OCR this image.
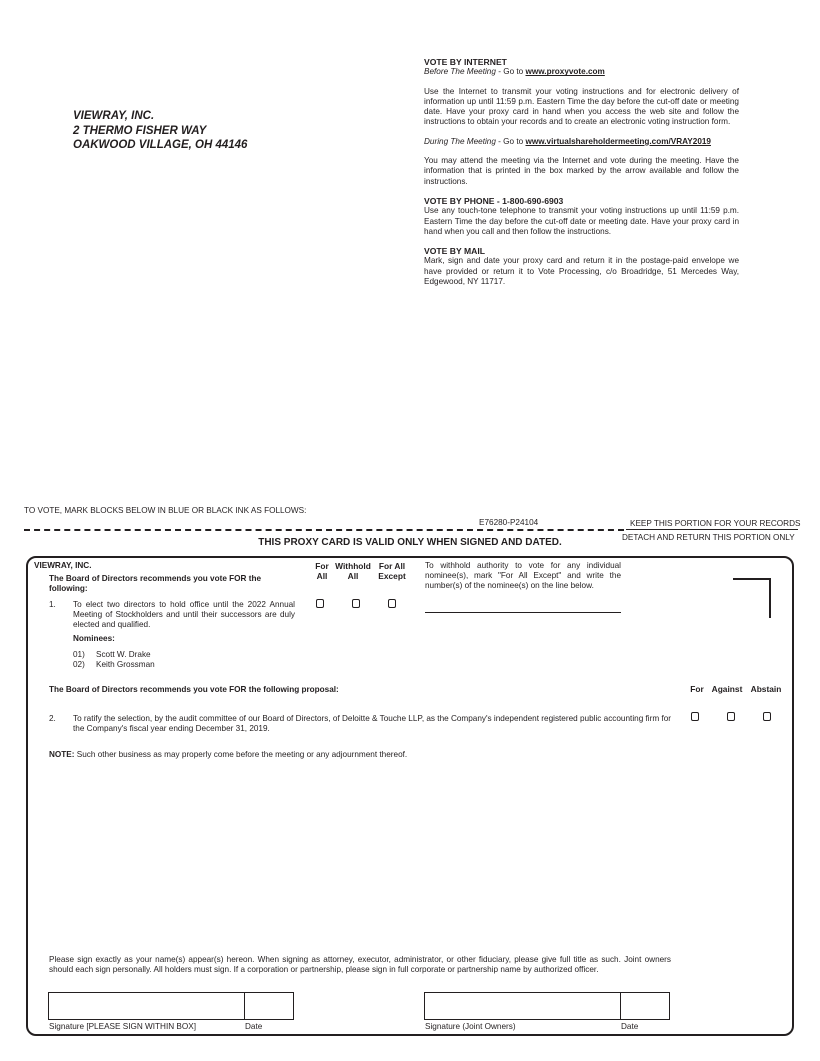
VIEWRAY, INC.
2 THERMO FISHER WAY
OAKWOOD VILLAGE, OH 44146
VOTE BY INTERNET
Before The Meeting - Go to www.proxyvote.com

Use the Internet to transmit your voting instructions and for electronic delivery of information up until 11:59 p.m. Eastern Time the day before the cut-off date or meeting date. Have your proxy card in hand when you access the web site and follow the instructions to obtain your records and to create an electronic voting instruction form.

During The Meeting - Go to www.virtualshareholdermeeting.com/VRAY2019

You may attend the meeting via the Internet and vote during the meeting. Have the information that is printed in the box marked by the arrow available and follow the instructions.

VOTE BY PHONE - 1-800-690-6903

Use any touch-tone telephone to transmit your voting instructions up until 11:59 p.m. Eastern Time the day before the cut-off date or meeting date. Have your proxy card in hand when you call and then follow the instructions.

VOTE BY MAIL

Mark, sign and date your proxy card and return it in the postage-paid envelope we have provided or return it to Vote Processing, c/o Broadridge, 51 Mercedes Way, Edgewood, NY 11717.

TO VOTE, MARK BLOCKS BELOW IN BLUE OR BLACK INK AS FOLLOWS:
E76280-P24104	KEEP THIS PORTION FOR YOUR RECORDS
DETACH AND RETURN THIS PORTION ONLY
THIS PROXY CARD IS VALID ONLY WHEN SIGNED AND DATED.
VIEWRAY, INC.
The Board of Directors recommends you vote FOR the following:
For All
Withhold All
For All Except
To withhold authority to vote for any individual nominee(s), mark "For All Except" and write the number(s) of the nominee(s) on the line below.
1. To elect two directors to hold office until the 2022 Annual Meeting of Stockholders and until their successors are duly elected and qualified.
Nominees:
01) Scott W. Drake
02) Keith Grossman
The Board of Directors recommends you vote FOR the following proposal:	For Against Abstain
2. To ratify the selection, by the audit committee of our Board of Directors, of Deloitte & Touche LLP, as the Company's independent registered public accounting firm for the Company's fiscal year ending December 31, 2019.
NOTE: Such other business as may properly come before the meeting or any adjournment thereof.
Please sign exactly as your name(s) appear(s) hereon. When signing as attorney, executor, administrator, or other fiduciary, please give full title as such. Joint owners should each sign personally. All holders must sign. If a corporation or partnership, please sign in full corporate or partnership name by authorized officer.
Signature [PLEASE SIGN WITHIN BOX]	Date	Signature (Joint Owners)	Date
